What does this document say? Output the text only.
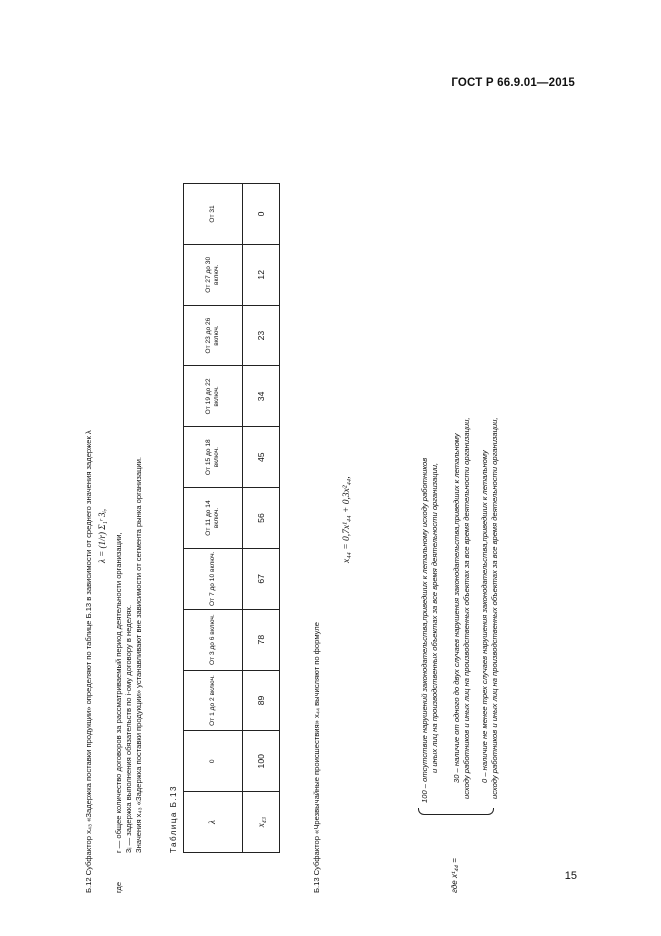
ГОСТ Р 66.9.01—2015
Б.12 Субфактор x₄₃ «Задержка поставки продукции» определяют по таблице Б.13 в зависимости от среднего значения задержек λ λ = (1/r) Σ₁ʳ 3ᵢ,
где
r — общее количество договоров за рассматриваемый период деятельности организации, 3ᵢ — задержка выполнения обязательств по i-ому договору в неделях. Значения x₄₃ «Задержка поставки продукции» устанавливают вне зависимости от сегмента рынка организации.	Таблица Б.13	λ	0	От 1 до 2 включ.	От 3 до 6 включ.	От 7 до 10 включ.	От 11 до 14 включ.	От 15 до 18 включ.	От 19 до 22 включ.	От 23 до 26 включ.	От 27 до 30 включ.	От 31
x₄₃	100	89	78	67	56	45	34	23	12	0
Б.13 Субфактор «Чрезвычайные происшествия» x₄₄ вычисляют по формуле
x₄₄ = 0,7x¹₄₄ + 0,3x²₄₄,
где x¹₄₄ =
100 – отсутствие нарушений законодательства,приведших к летальному исходу работников и иных лиц на производственных объектах за все время деятельности организации, 30 – наличие от одного до двух случаев нарушения законодательства,приведших к летальному исходу работников и иных лиц на производственных объектах за все время деятельности организации, 0 – наличие не менее трех случаев нарушения законодательства,приведших к летальному исходу работников и иных лиц на производственных объектах за все время деятельности организации,
15
